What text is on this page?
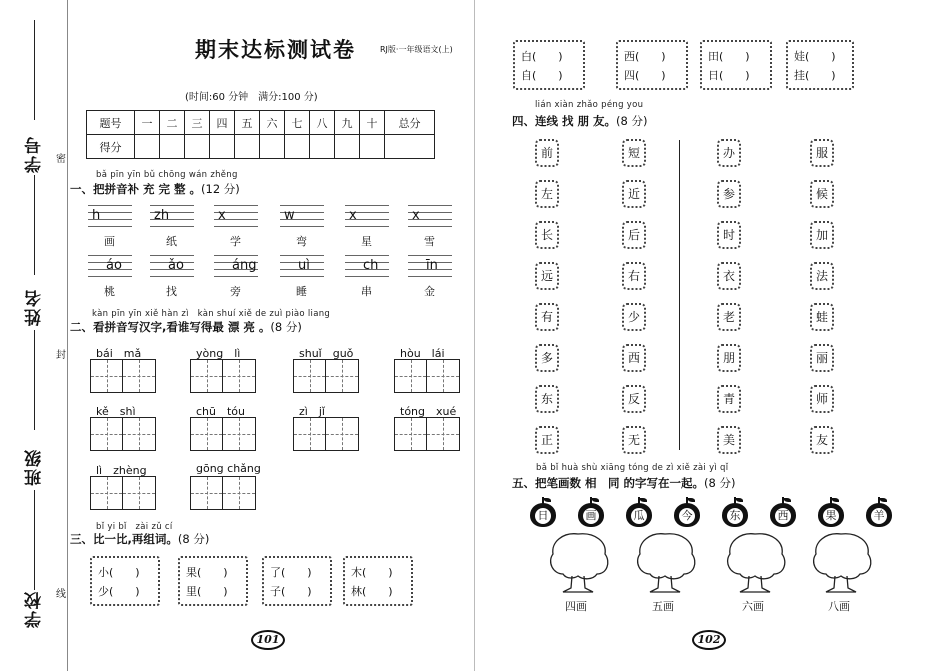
学号
姓名
班级
学校
密
封
线
期末达标测试卷	RJ版·一年级语文(上)
(时间:60 分钟　满分:100 分)
题号	一	二	三	四	五	六	七	八	九	十	总分
得分											
bǎ pīn yīn bǔ chōng wán zhěng
一、把拼音补 充 完 整 。(12 分)
h
画
zh
纸
x
学
w
弯
x
星
x
雪
áo
桃
ǎo
找
áng
旁
uì
睡
ch
串
īn
金
kàn pīn yīn xiě hàn zì　kàn shuí xiě de zuì piào liang
二、看拼音写汉字,看谁写得最 漂 亮 。(8 分)
bái　mǎ	yòng　lì	shuǐ　guǒ	hòu　lái
kě　shì	chū　tóu	zì　jǐ	tóng　xué
lì　zhèng	gōng chǎng
bǐ yi bǐ　zài zǔ cí
三、比一比,再组词。(8 分)
小(　　)
少(　　)
果(　　)
里(　　)
了(　　)
子(　　)
木(　　)
林(　　)
白(　　)
自(　　)
西(　　)
四(　　)
田(　　)
日(　　)
娃(　　)
挂(　　)
lián xiàn zhǎo péng you
四、连线 找 朋 友。(8 分)
前
左
长
远
有
多
东
正
短
近
后
右
少
西
反
无
办
参
时
衣
老
朋
青
美
服
候
加
法
蛙
丽
师
友
bǎ bǐ huà shù xiāng tóng de zì xiě zài yì qǐ
五、把笔画数 相　同 的字写在一起。(8 分)
日	画	瓜	今	东	西	果	羊
四画	五画	六画	八画
101	102
